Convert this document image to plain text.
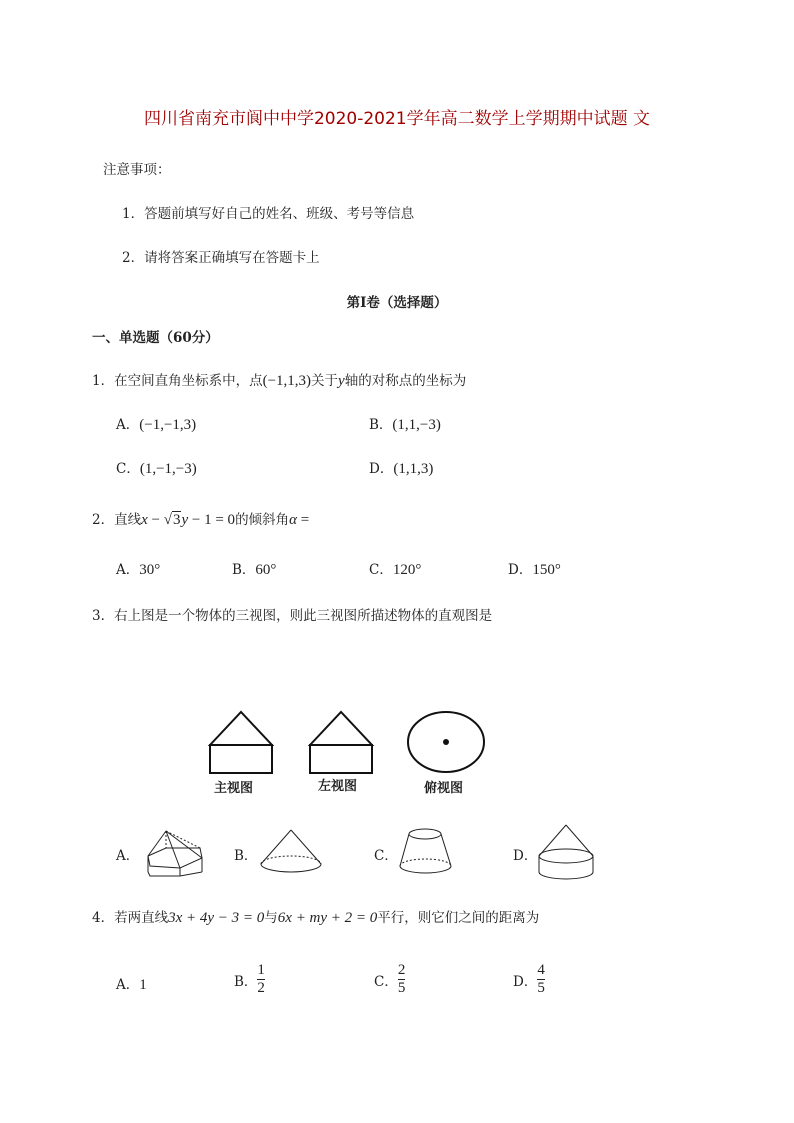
四川省南充市阆中中学2020-2021学年高二数学上学期期中试题 文
注意事项：
1．答题前填写好自己的姓名、班级、考号等信息
2．请将答案正确填写在答题卡上
第I卷（选择题）
一、单选题（60分）
1．在空间直角坐标系中，点(−1,1,3)关于y轴的对称点的坐标为
A．(−1,−1,3)	B．(1,1,−3)
C．(1,−1,−3)	D．(1,1,3)
2．直线x − √3y − 1 = 0的倾斜角α =
A．30°	B．60°	C．120°	D．150°
3．右上图是一个物体的三视图，则此三视图所描述物体的直观图是
主视图	左视图	俯视图
A．	B．	C．	D．
4．若两直线3x + 4y − 3 = 0与6x + my + 2 = 0平行，则它们之间的距离为
A．1	B． $\frac{1}{2}$	C． $\frac{2}{5}$	D． $\frac{4}{5}$
